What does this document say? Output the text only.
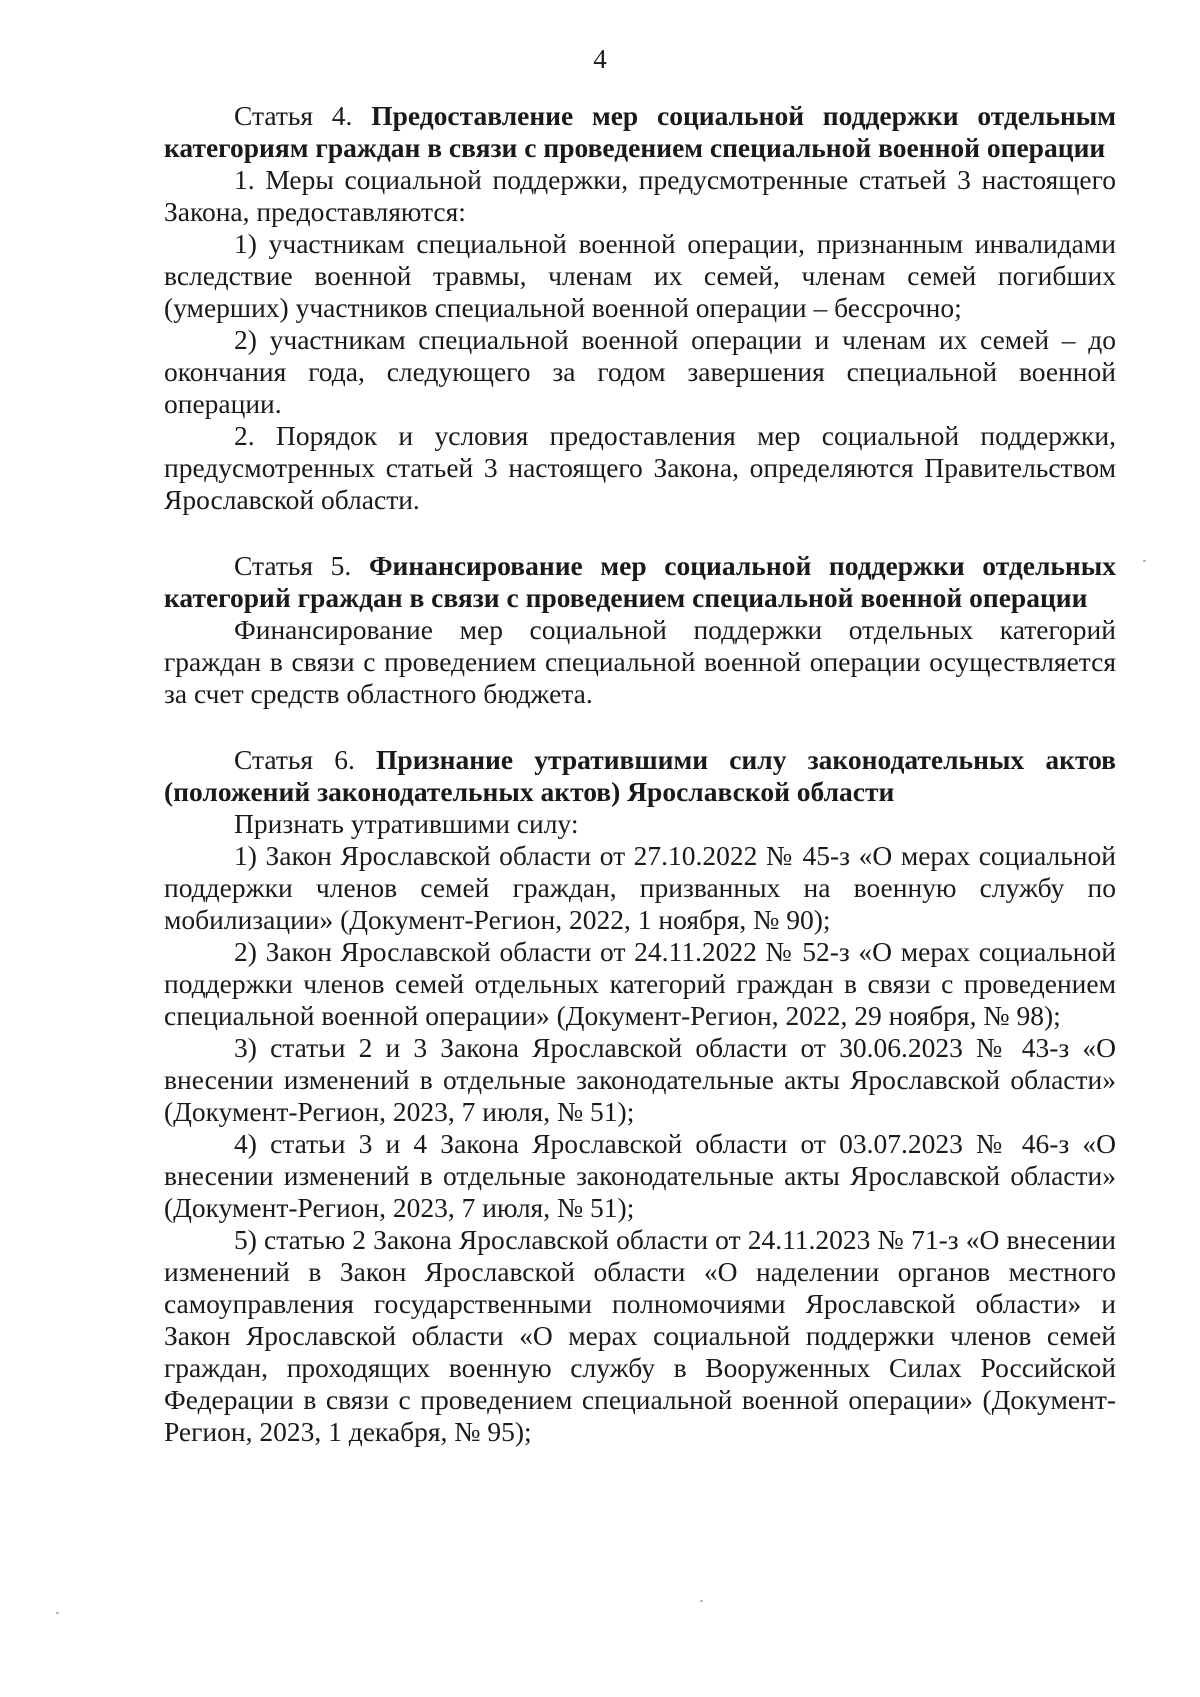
4

Статья 4. Предоставление мер социальной поддержки отдельным категориям граждан в связи с проведением специальной военной операции

1. Меры социальной поддержки, предусмотренные статьей 3 настоящего Закона, предоставляются:

1) участникам специальной военной операции, признанным инвалидами вследствие военной травмы, членам их семей, членам семей погибших (умерших) участников специальной военной операции – бессрочно;

2) участникам специальной военной операции и членам их семей – до окончания года, следующего за годом завершения специальной военной операции.

2. Порядок и условия предоставления мер социальной поддержки, предусмотренных статьей 3 настоящего Закона, определяются Правительством Ярославской области.

Статья 5. Финансирование мер социальной поддержки отдельных категорий граждан в связи с проведением специальной военной операции

Финансирование мер социальной поддержки отдельных категорий граждан в связи с проведением специальной военной операции осуществляется за счет средств областного бюджета.

Статья 6. Признание утратившими силу законодательных актов (положений законодательных актов) Ярославской области

Признать утратившими силу:

1) Закон Ярославской области от 27.10.2022 № 45-з «О мерах социальной поддержки членов семей граждан, призванных на военную службу по мобилизации» (Документ-Регион, 2022, 1 ноября, № 90);

2) Закон Ярославской области от 24.11.2022 № 52-з «О мерах социальной поддержки членов семей отдельных категорий граждан в связи с проведением специальной военной операции» (Документ-Регион, 2022, 29 ноября, № 98);

3) статьи 2 и 3 Закона Ярославской области от 30.06.2023 № 43-з «О внесении изменений в отдельные законодательные акты Ярославской области» (Документ-Регион, 2023, 7 июля, № 51);

4) статьи 3 и 4 Закона Ярославской области от 03.07.2023 № 46-з «О внесении изменений в отдельные законодательные акты Ярославской области» (Документ-Регион, 2023, 7 июля, № 51);

5) статью 2 Закона Ярославской области от 24.11.2023 № 71-з «О внесении изменений в Закон Ярославской области «О наделении органов местного самоуправления государственными полномочиями Ярославской области» и Закон Ярославской области «О мерах социальной поддержки членов семей граждан, проходящих военную службу в Вооруженных Силах Российской Федерации в связи с проведением специальной военной операции» (Документ-Регион, 2023, 1 декабря, № 95);
